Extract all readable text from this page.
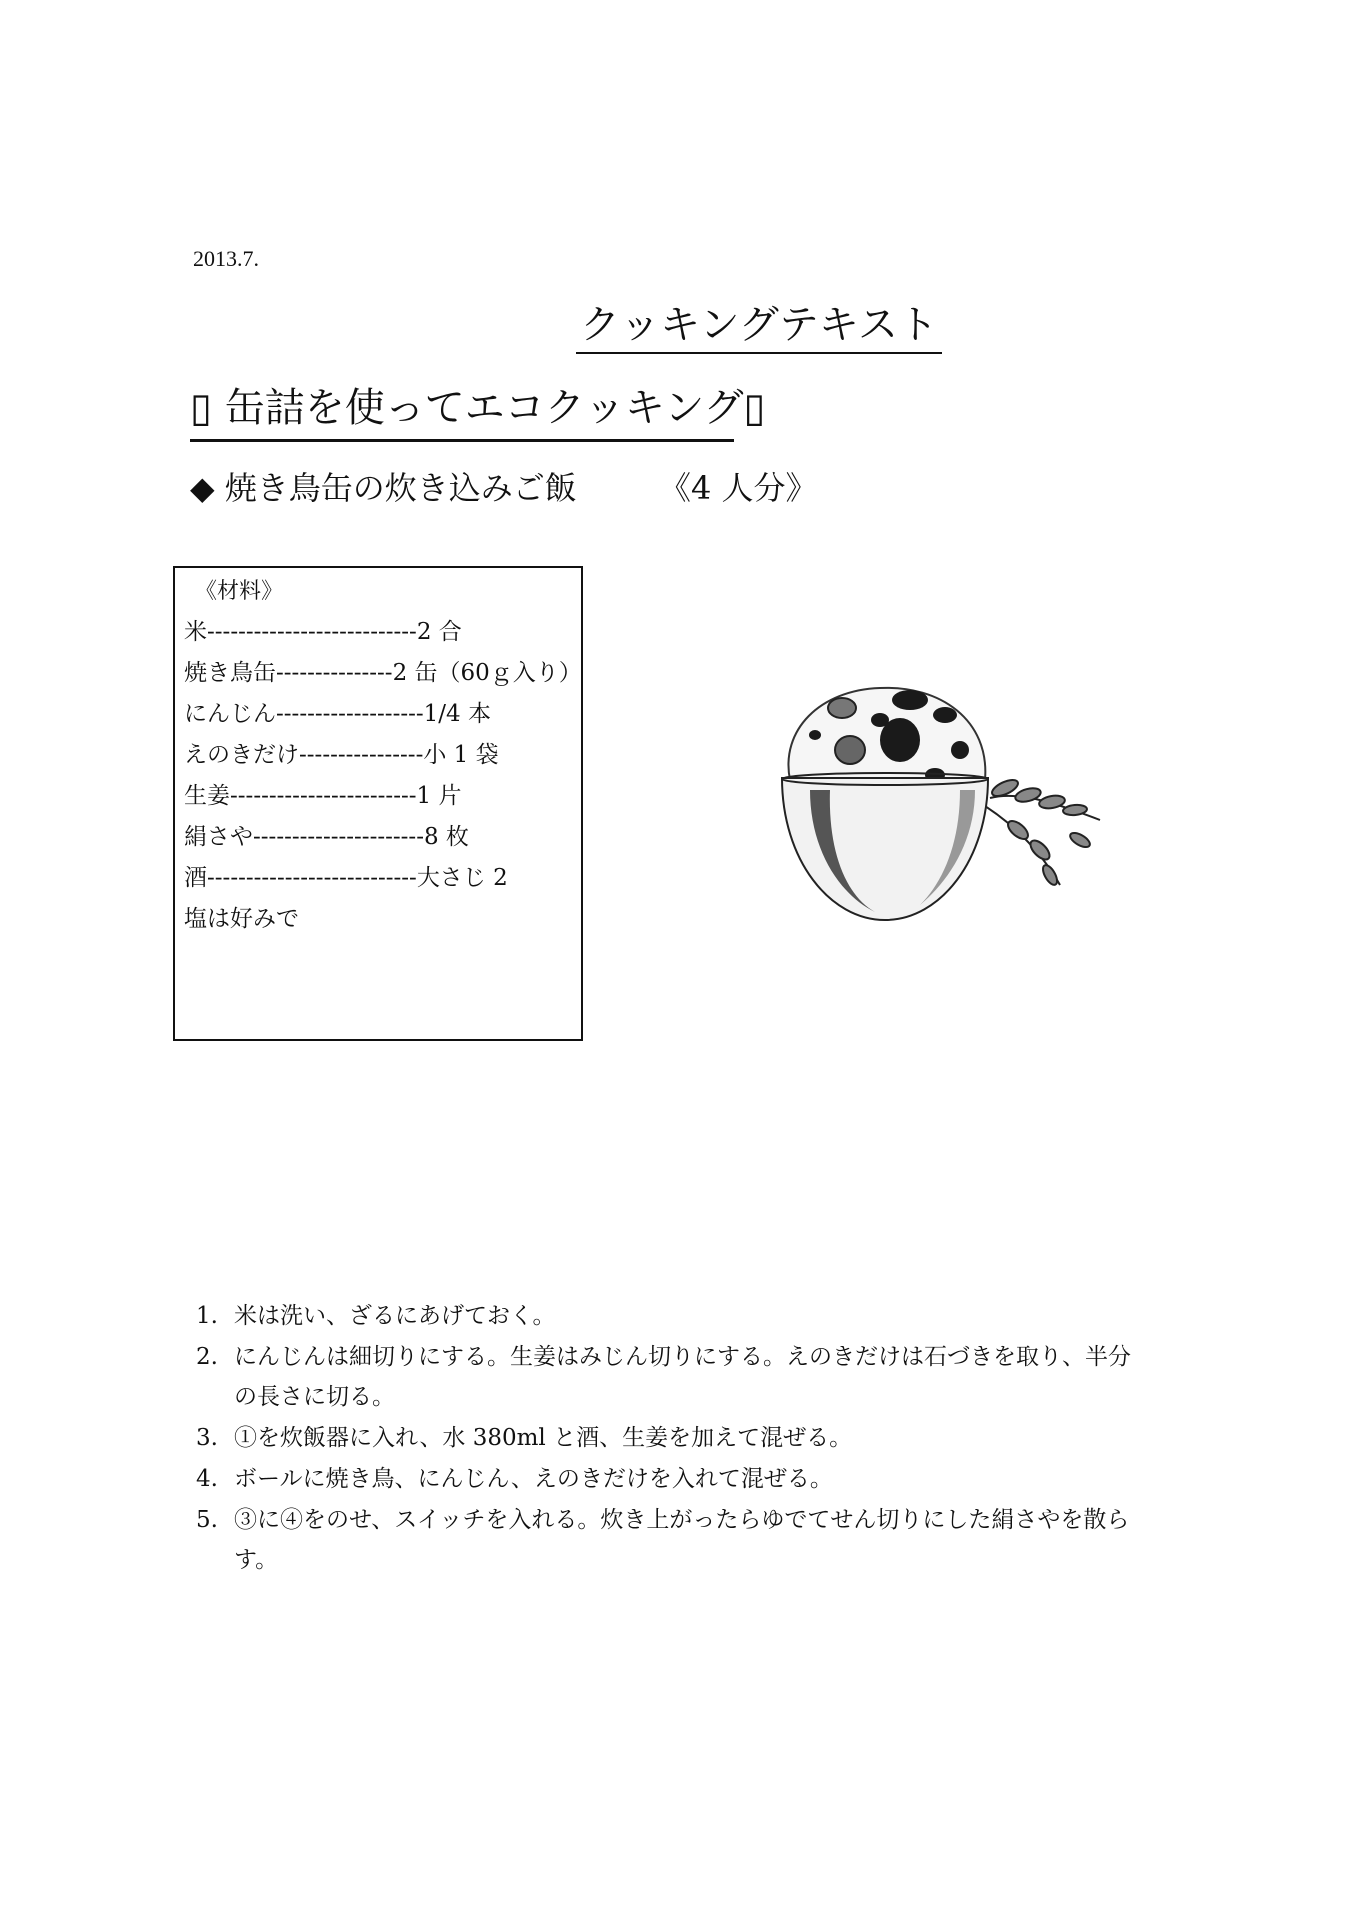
2013.7.
クッキングテキスト
▯ 缶詰を使ってエコクッキング▯
◆ 焼き鳥缶の炊き込みご飯	《4 人分》
《材料》
米---------------------------2 合
焼き鳥缶---------------2 缶（60ｇ入り）
にんじん-------------------1/4 本
えのきだけ----------------小 1 袋
生姜------------------------1 片
絹さや----------------------8 枚
酒---------------------------大さじ 2
塩は好みで
1. 米は洗い、ざるにあげておく。
2. にんじんは細切りにする。生姜はみじん切りにする。えのきだけは石づきを取り、半分
の長さに切る。
3. ①を炊飯器に入れ、水 380ml と酒、生姜を加えて混ぜる。
4. ボールに焼き鳥、にんじん、えのきだけを入れて混ぜる。
5. ③に④をのせ、スイッチを入れる。炊き上がったらゆでてせん切りにした絹さやを散ら
す。
